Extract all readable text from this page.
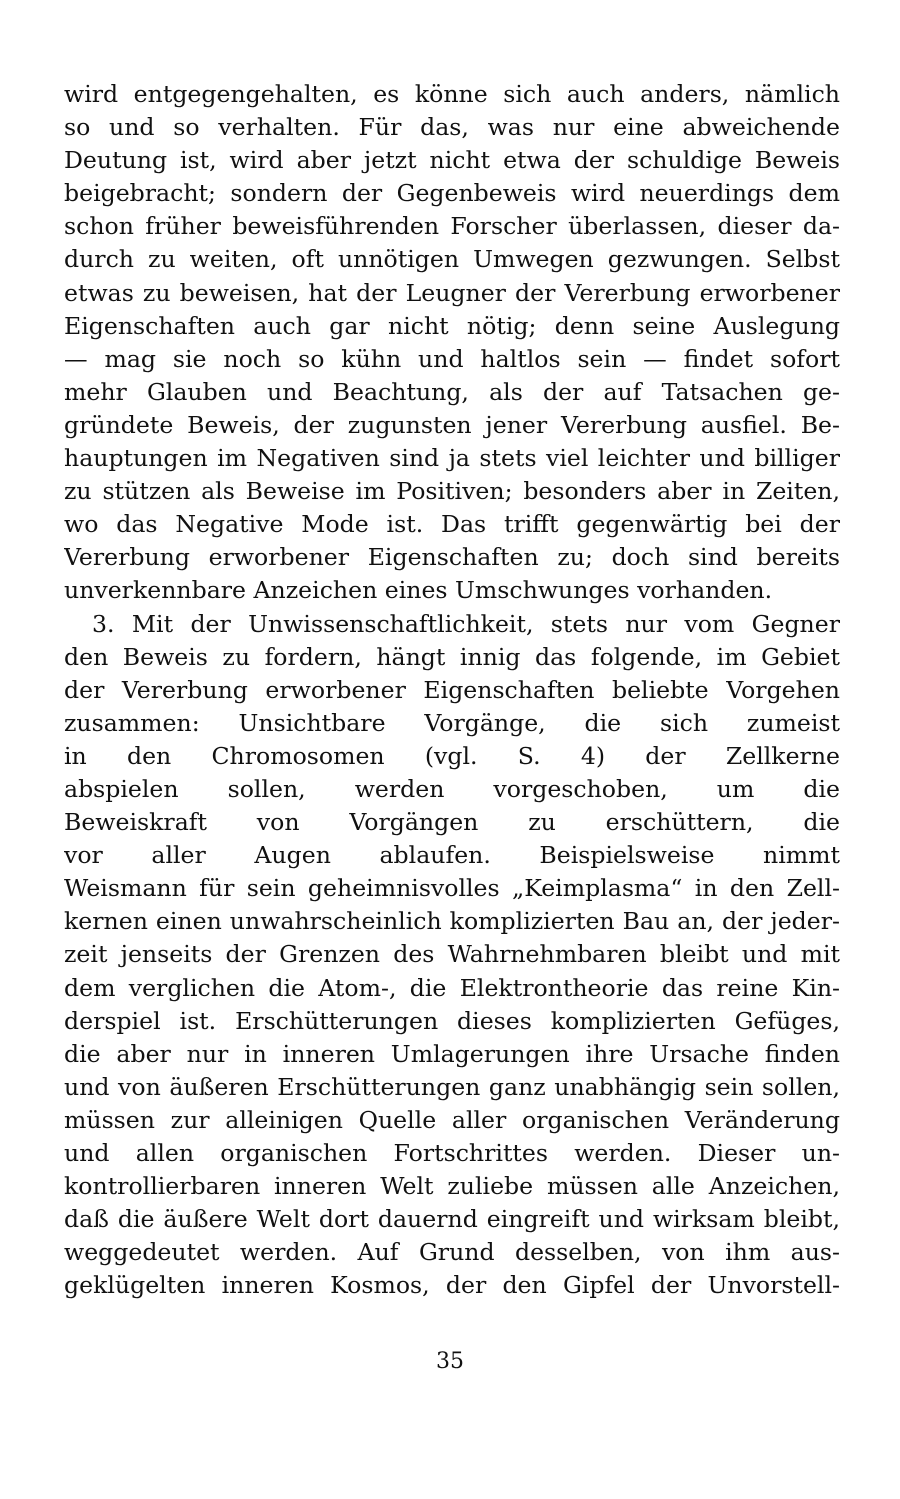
wird entgegengehalten, es könne sich auch anders, nämlich
so und so verhalten. Für das, was nur eine abweichende
Deutung ist, wird aber jetzt nicht etwa der schuldige Beweis
beigebracht; sondern der Gegenbeweis wird neuerdings dem
schon früher beweisführenden Forscher überlassen, dieser da-
durch zu weiten, oft unnötigen Umwegen gezwungen. Selbst
etwas zu beweisen, hat der Leugner der Vererbung erworbener
Eigenschaften auch gar nicht nötig; denn seine Auslegung
— mag sie noch so kühn und haltlos sein — findet sofort
mehr Glauben und Beachtung, als der auf Tatsachen ge-
gründete Beweis, der zugunsten jener Vererbung ausfiel. Be-
hauptungen im Negativen sind ja stets viel leichter und billiger
zu stützen als Beweise im Positiven; besonders aber in Zeiten,
wo das Negative Mode ist. Das trifft gegenwärtig bei der
Vererbung erworbener Eigenschaften zu; doch sind bereits
unverkennbare Anzeichen eines Umschwunges vorhanden.
3. Mit der Unwissenschaftlichkeit, stets nur vom Gegner
den Beweis zu fordern, hängt innig das folgende, im Gebiet
der Vererbung erworbener Eigenschaften beliebte Vorgehen
zusammen: Unsichtbare Vorgänge, die sich zumeist
in den Chromosomen (vgl. S. 4) der Zellkerne
abspielen sollen, werden vorgeschoben, um die
Beweiskraft von Vorgängen zu erschüttern, die
vor aller Augen ablaufen. Beispielsweise nimmt
Weismann für sein geheimnisvolles „Keimplasma“ in den Zell-
kernen einen unwahrscheinlich komplizierten Bau an, der jeder-
zeit jenseits der Grenzen des Wahrnehmbaren bleibt und mit
dem verglichen die Atom-, die Elektrontheorie das reine Kin-
derspiel ist. Erschütterungen dieses komplizierten Gefüges,
die aber nur in inneren Umlagerungen ihre Ursache finden
und von äußeren Erschütterungen ganz unabhängig sein sollen,
müssen zur alleinigen Quelle aller organischen Veränderung
und allen organischen Fortschrittes werden. Dieser un-
kontrollierbaren inneren Welt zuliebe müssen alle Anzeichen,
daß die äußere Welt dort dauernd eingreift und wirksam bleibt,
weggedeutet werden. Auf Grund desselben, von ihm aus-
geklügelten inneren Kosmos, der den Gipfel der Unvorstell-
35
